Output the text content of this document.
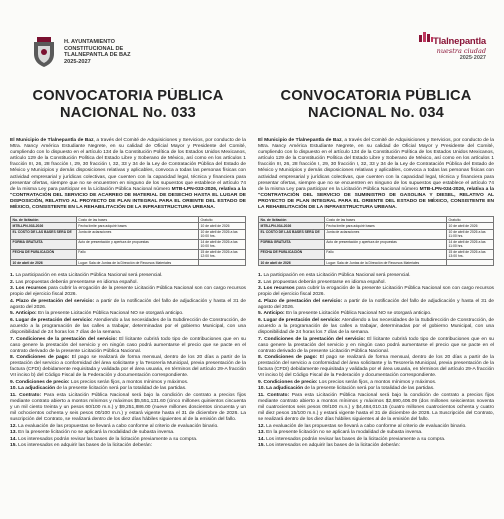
H. AYUNTAMIENTO
CONSTITUCIONAL DE
TLALNEPANTLA DE BAZ
2025-2027
Tlalnepantla
nuestra ciudad
2025·2027
CONVOCATORIA PÚBLICA
NACIONAL No. 033

El Municipio de Tlalnepantla de Baz, a través del Comité de Adquisiciones y Servicios, por conducto de la Mtra. Nancy América Estudiante Negrete, en su calidad de Oficial Mayor y Presidente del Comité, cumpliendo con lo dispuesto en el artículo 134 de la Constitución Política de los Estados Unidos Mexicanos, artículo 129 de la Constitución Política del Estado Libre y Soberano de México, así como en los artículos 1 fracción III, 26, 28 fracción I, 29, 30 fracción I, 32, 33 y 34 de la Ley de Contratación Pública del Estado de México y Municipios y demás disposiciones relativas y aplicables, convoca a todas las personas físicas con actividad empresarial y jurídicas colectivas, que cuenten con la capacidad legal, técnica y financiera para presentar ofertas, siempre que no se encuentren en ninguno de los supuestos que establece el artículo 74 de la misma Ley para participar en la Licitación Pública Nacional número MTB-LPN-033-2026, relativa a la "CONTRATACIÓN DEL SERVICIO DE ACARREO DE MATERIAL DE DESECHO HASTA EL LUGAR DE DISPOSICIÓN, RELATIVO AL PROYECTO DE PLAN INTEGRAL PARA EL ORIENTE DEL ESTADO DE MÉXICO, CONSISTENTE EN LA REHABILITACIÓN DE LA INFRAESTRUCTURA URBANA.

No. de licitación	Costo de las bases	Gratuito
MTB-LPN-033-2026	Fecha límite para adquirir bases	10 de abril de 2026
EL COSTO DE LAS BASES SERÁ DE	Junta de aclaraciones	10 de abril de 2026 a las 10:00 hrs.
FORMA GRATUITA	Acto de presentación y apertura de propuestas	14 de abril de 2026 a las 10:00 hrs.
FECHA DE PUBLICACIÓN	Fallo	15 de abril de 2026 a las 12:00 hrs.
10 de abril de 2026	Lugar: Sala de Juntas de la Dirección de Recursos Materiales	
1. La participación en esta Licitación Pública Nacional será presencial.
2. Las propuestas deberán presentarse en idioma español.
3. Los recursos para cubrir la erogación de la presente Licitación Pública Nacional son con cargo recursos propio del ejercicio fiscal 2026.
4. Plazo de prestación del servicio: a partir de la notificación del fallo de adjudicación y hasta el 31 de agosto del 2026.
5. Anticipo: En la presente Licitación Pública Nacional NO se otorgará anticipo.
6. Lugar de prestación del servicio: Atendiendo a las necesidades de la Subdirección de Construcción, de acuerdo a la programación de las calles a trabajar, determinadas por el gobierno Municipal, con una disponibilidad de 24 horas los 7 días de la semana.
7. Condiciones de la prestación del servicio: El licitante cubrirá todo tipo de contribuciones que en su caso genere la prestación del servicio y en ningún caso podrá aumentarse el precio que se pacte en el contrato derivado de la presente Licitación Pública Nacional.
8. Condiciones de pago: El pago se realizará de forma mensual, dentro de los 20 días a partir de la prestación del servicio a conformidad del área solicitante y la Tesorería Municipal, previa presentación de la factura (CFDI) debidamente requisitada y validada por el área usuaria, en términos del artículo 29-A fracción VII inciso b) del Código Fiscal de la Federación y documentación correspondiente.
9. Condiciones de precio: Los precios serán fijos, a montos mínimos y máximos.
10. La adjudicación de la presente licitación será por la totalidad de las partidas.
11. Contrato: Para esta Licitación Pública Nacional será bajo la condición de contrato a precios fijos mediante contrato abierto a montos mínimos y máximos $5,551,131.60 (cinco millones quinientos cincuenta y un mil ciento treinta y un pesos 60/100 m.n.) y $9,251,886.00 (nueve millones doscientos cincuenta y un mil ochocientos ochenta y seis pesos 00/100 m.n.) y estará vigente hasta el 31 de diciembre de 2026. La suscripción del Contrato, se realizará dentro de los diez días hábiles siguientes al de la emisión del fallo.
12. La evaluación de las propuestas se llevará a cabo conforme al criterio de evaluación binario.
13. En la presente licitación no se aplicará la modalidad de subasta inversa.
14. Los interesados podrán revisar las bases de la licitación previamente a su compra.
15. Los interesados en adquirir las bases de la licitación deberán:
CONVOCATORIA PÚBLICA
NACIONAL No. 034

El Municipio de Tlalnepantla de Baz, a través del Comité de Adquisiciones y Servicios, por conducto de la Mtra. Nancy América Estudiante Negrete, en su calidad de Oficial Mayor y Presidente del Comité, cumpliendo con lo dispuesto en el artículo 134 de la Constitución Política de los Estados Unidos Mexicanos, artículo 129 de la Constitución Política del Estado Libre y Soberano de México, así como en los artículos 1 fracción III, 26, 28 fracción I, 29, 30 fracción I, 32, 33 y 34 de la Ley de Contratación Pública del Estado de México y Municipios y demás disposiciones relativas y aplicables, convoca a todas las personas físicas con actividad empresarial y jurídicas colectivas, que cuenten con la capacidad legal, técnica y financiera para presentar ofertas, siempre que no se encuentren en ninguno de los supuestos que establece el artículo 74 de la misma Ley para participar en la Licitación Pública Nacional número MTB-LPN-034-2026, relativa a la "CONTRATACIÓN DEL SERVICIO DE SUMINISTRO DE GASOLINA Y DIESEL, RELATIVO AL PROYECTO DE PLAN INTEGRAL PARA EL ORIENTE DEL ESTADO DE MÉXICO, CONSISTENTE EN LA REHABILITACIÓN DE LA INFRAESTRUCTURA URBANA.

No. de licitación	Costo de las bases	Gratuito
MTB-LPN-034-2026	Fecha límite para adquirir bases	10 de abril de 2026
EL COSTO DE LAS BASES SERÁ DE	Junta de aclaraciones	10 de abril de 2026 a las 11:00 hrs.
FORMA GRATUITA	Acto de presentación y apertura de propuestas	14 de abril de 2026 a las 11:00 hrs.
FECHA DE PUBLICACIÓN	Fallo	15 de abril de 2026 a las 13:00 hrs.
10 de abril de 2026	Lugar: Sala de Juntas de la Dirección de Recursos Materiales	
1. La participación en esta Licitación Pública Nacional será presencial.
2. Las propuestas deberán presentarse en idioma español.
3. Los recursos para cubrir la erogación de la presente Licitación Pública Nacional son con cargo recursos propio del ejercicio fiscal 2026.
4. Plazo de prestación del servicio: a partir de la notificación del fallo de adjudicación y hasta el 31 de agosto del 2026.
5. Anticipo: En la presente Licitación Pública Nacional NO se otorgará anticipo.
6. Lugar de prestación del servicio: Atendiendo a las necesidades de la Subdirección de Construcción, de acuerdo a la programación de las calles a trabajar, determinadas por el gobierno Municipal, con una disponibilidad de 24 horas los 7 días de la semana.
7. Condiciones de la prestación del servicio: El licitante cubrirá todo tipo de contribuciones que en su caso genere la prestación del servicio y en ningún caso podrá aumentarse el precio que se pacte en el contrato derivado de la presente Licitación Pública Nacional.
8. Condiciones de pago: El pago se realizará de forma mensual, dentro de los 20 días a partir de la prestación del servicio a conformidad del área solicitante y la Tesorería Municipal, previa presentación de la factura (CFDI) debidamente requisitada y validada por el área usuaria, en términos del artículo 29-A fracción VII inciso b) del Código Fiscal de la Federación y documentación correspondiente.
9. Condiciones de precio: Los precios serán fijos, a montos mínimos y máximos.
10. La adjudicación de la presente licitación será por la totalidad de las partidas.
11. Contrato: Para esta Licitación Pública Nacional será bajo la condición de contrato a precios fijos mediante contrato abierto a montos mínimos y máximos $2,690,406.09 (dos millones seiscientos noventa mil cuatrocientos seis pesos 09/100 m.n.) y $4,484,010.15 (cuatro millones cuatrocientos ochenta y cuatro mil diez pesos 15/100 m.n.) y estará vigente hasta el 31 de diciembre de 2026. La Suscripción del Contrato, se realizará dentro de los diez días hábiles siguientes al de la emisión del fallo.
12. La evaluación de las propuestas se llevará a cabo conforme al criterio de evaluación binario.
13. En la presente licitación no se aplicará la modalidad de subasta inversa.
14. Los interesados podrán revisar las bases de la licitación previamente a su compra.
15. Los interesados en adquirir las bases de la licitación deberán:
